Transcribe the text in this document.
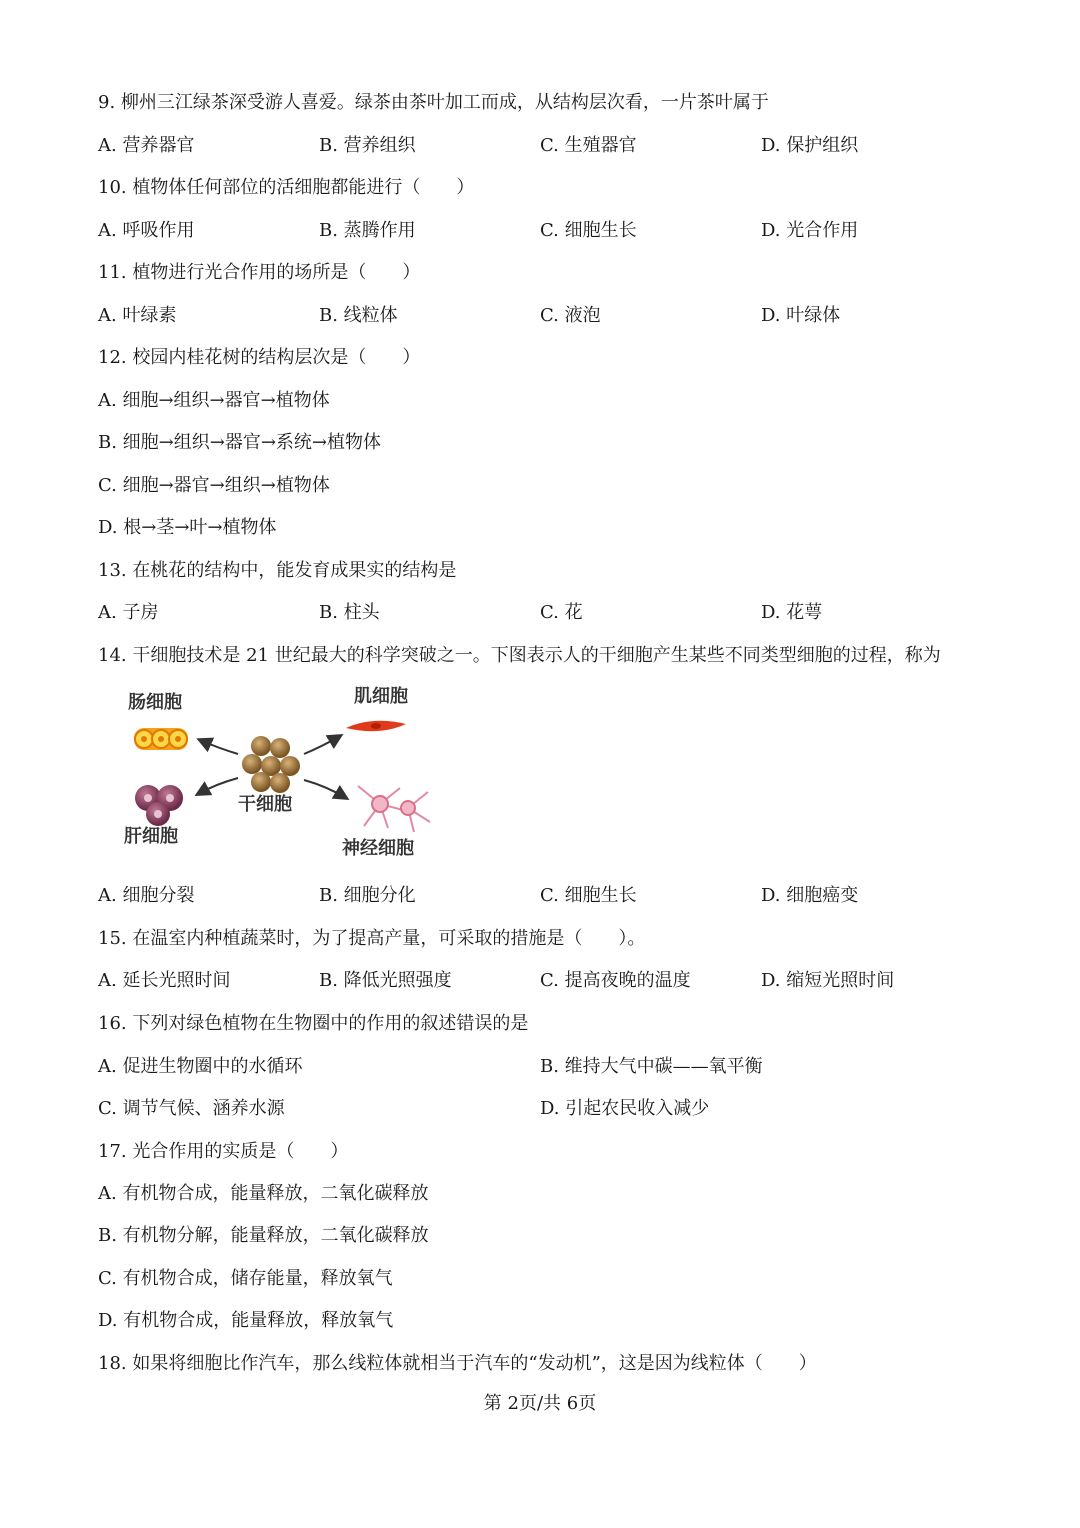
9. 柳州三江绿茶深受游人喜爱。绿茶由茶叶加工而成，从结构层次看，一片茶叶属于
A. 营养器官	B. 营养组织	C. 生殖器官	D. 保护组织
10. 植物体任何部位的活细胞都能进行（　　）
A. 呼吸作用	B. 蒸腾作用	C. 细胞生长	D. 光合作用
11. 植物进行光合作用的场所是（　　）
A. 叶绿素	B. 线粒体	C. 液泡	D. 叶绿体
12. 校园内桂花树的结构层次是（　　）
A. 细胞→组织→器官→植物体
B. 细胞→组织→器官→系统→植物体
C. 细胞→器官→组织→植物体
D. 根→茎→叶→植物体
13. 在桃花的结构中，能发育成果实的结构是
A. 子房	B. 柱头	C. 花	D. 花萼
14. 干细胞技术是 21 世纪最大的科学突破之一。下图表示人的干细胞产生某些不同类型细胞的过程，称为
肠细胞	肌细胞
干细胞
肝细胞
神经细胞
A. 细胞分裂	B. 细胞分化	C. 细胞生长	D. 细胞癌变
15. 在温室内种植蔬菜时，为了提高产量，可采取的措施是（　　）。
A. 延长光照时间	B. 降低光照强度	C. 提高夜晚的温度	D. 缩短光照时间
16. 下列对绿色植物在生物圈中的作用的叙述错误的是
A. 促进生物圈中的水循环	B. 维持大气中碳——氧平衡
C. 调节气候、涵养水源	D. 引起农民收入减少
17. 光合作用的实质是（　　）
A. 有机物合成，能量释放，二氧化碳释放
B. 有机物分解，能量释放，二氧化碳释放
C. 有机物合成，储存能量，释放氧气
D. 有机物合成，能量释放，释放氧气
18. 如果将细胞比作汽车，那么线粒体就相当于汽车的“发动机”，这是因为线粒体（　　）
第 2页/共 6页
